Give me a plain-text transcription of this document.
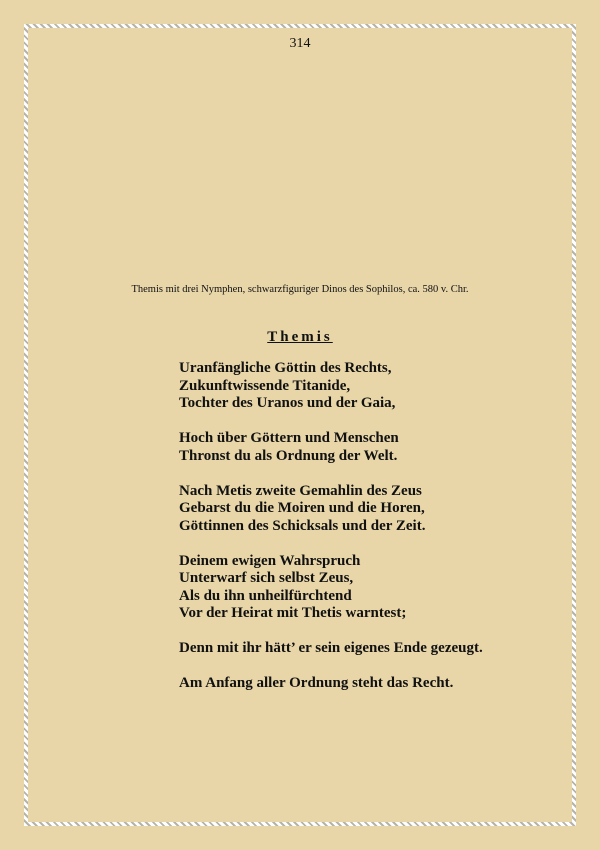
314
Themis mit drei Nymphen, schwarzfiguriger Dinos des Sophilos, ca. 580 v. Chr.
Themis
Uranfängliche Göttin des Rechts,
Zukunftwissende Titanide,
Tochter des Uranos und der Gaia,
Hoch über Göttern und Menschen
Thronst du als Ordnung der Welt.
Nach Metis zweite Gemahlin des Zeus
Gebarst du die Moiren und die Horen,
Göttinnen des Schicksals und der Zeit.
Deinem ewigen Wahrspruch
Unterwarf sich selbst Zeus,
Als du ihn unheilfürchtend
Vor der Heirat mit Thetis warntest;
Denn mit ihr hätt’ er sein eigenes Ende gezeugt.
Am Anfang aller Ordnung steht das Recht.
